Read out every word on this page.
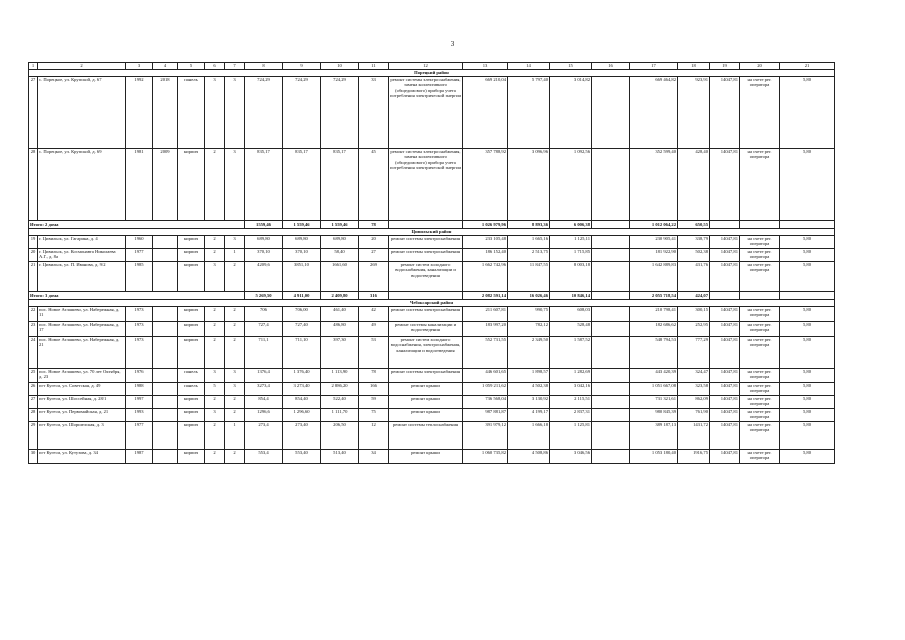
3
1	2	3	4	5	6	7	8	9	10	11	12	13	14	15	16	17	18	19	20	21
Порецкий район																				
27	с. Порецкое, ул. Крупской, д. 67	1992	2018	панель	3	3	724,29	724,29	724,29	33	ремонт системы электроснабжения, замена коллективного (общедомового) прибора учета потребления электрической энергии	669 210,04	5 797,40	3 014,82		669 464,82	923,91	14047,81	на счете рег. оператора	5,80
28	с. Порецкое, ул. Крупской, д. 69	1981	2009	кирпич	2	3	835,17	835,17	835,17	45	ремонт системы электроснабжения, замена коллективного (общедомового) прибора учета потребления электрической энергии	357 788,92	3 096,96	1 092,56		352 599,40	428,40	14047,81	на счете рег. оператора	5,80
Итого: 2 дома							1559,46	1 559,46	1 559,46	78		1 026 979,96	8 893,36	6 006,38		1 012 064,22	650,55			
Цивильский район																				
19	г. Цивильск, ул. Гагарина, д. 4	1960		кирпич	2	3	689,80	689,80	689,80	20	ремонт системы электроснабжения	233 105,48	1 665,16	1 125,11		230 905,41	338,79	14047,81	на счете рег. оператора	5,80
20	г. Цивильск, ул. Космонавта Николаева А.Г., д. 8а	1977		кирпич	2	1	370,10	370,10	58,40	27	ремонт системы электроснабжения	186 152,40	2 513,75	1 715,85		181 922,90	502,38	14047,81	на счете рег. оператора	5,80
21	г. Цивильск, ул. П. Иванова, д. 9/2	1985		кирпич	3	2	4209,6	3851,10	1661,60	269	ремонт систем холодного водоснабжения, канализации и водоотведения	1 662 742,96	11 847,55	8 003,18		1 642 889,83	431,76	14047,81	на счете рег. оператора	5,80
Итого: 3 дома							5 269,50	4 911,00	2 409,80	316		2 082 591,14	16 026,46	10 846,14		2 055 718,54	424,07			
Чебоксарский район																				
22	пос. Новое Атлашево, ул. Набережная, д. 11	1973		кирпич	2	2	706	706,00	461,40	42	ремонт системы электроснабжения	211 607,81	990,75	608,03		210 798,41	300,15	14047,81	на счете рег. оператора	5,80
23	пос. Новое Атлашево, ул. Набережная, д. 17	1973		кирпич	2	2	727,4	727,40	486,80	49	ремонт системы канализации и водоотведения	183 997,20	782,12	528,48		182 686,62	252,95	14047,81	на счете рег. оператора	5,80
24	пос. Новое Атлашево, ул. Набережная, д. 21	1973		кирпич	2	2	711,1	711,10	397,30	53	ремонт систем холодного водоснабжения, электроснабжения, канализации и водоотведения	552 731,55	2 349,50	1 587,52		548 794,53	777,29	14047,81	на счете рег. оператора	5,80
25	пос. Новое Атлашево, ул. 70 лет Октября, д. 23	1976		панель	3	3	1376,4	1 376,40	1 113,90	78	ремонт системы электроснабжения	446 601,65	1 898,57	1 282,69		443 420,39	324,47	14047,81	на счете рег. оператора	5,80
26	пгт Кугеси, ул. Советская, д. 49	1988		панель	5	3	3273,4	3 273,40	2 886,20	166	ремонт крыши	1 059 211,62	4 502,38	3 042,16		1 051 667,08	323,58	14047,81	на счете рег. оператора	5,80
27	пгт Кугеси, ул. Шоссейная, д. 28/1	1997		кирпич	2	2	854,4	854,40	522,40	59	ремонт крыши	736 568,04	3 130,92	2 115,51		731 321,61	862,09	14047,81	на счете рег. оператора	5,80
28	пгт Кугеси, ул. Первомайская, д. 21	1993		кирпич	3	2	1296,6	1 296,60	1 111,70	75	ремонт крыши	987 881,87	4 199,17	2 837,31		980 845,39	761,90	14047,81	на счете рег. оператора	5,80
29	пгт Кугеси, ул. Шоршелская, д. 3	1977		кирпич	2	1	273,4	273,40	206,50	12	ремонт системы теплоснабжения	391 979,12	1 666,18	1 125,81		389 187,13	1431,72	14047,81	на счете рег. оператора	5,80
30	пгт Кугеси, ул. Кутузова, д. 34	1987		кирпич	2	2	553,4	553,40	513,40	34	ремонт крыши	1 060 735,82	4 508,86	3 046,56		1 053 180,40	1916,75	14047,81	на счете рег. оператора	5,80
